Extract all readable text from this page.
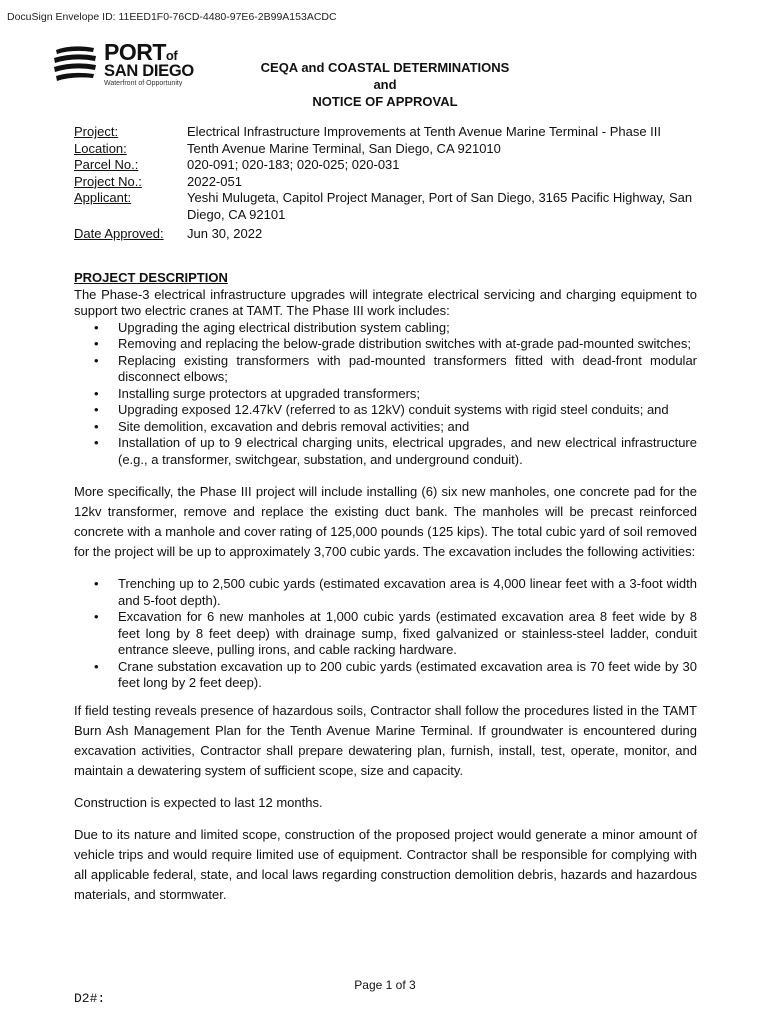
DocuSign Envelope ID: 11EED1F0-76CD-4480-97E6-2B99A153ACDC
PORTof
SAN DIEGO
Waterfront of Opportunity
CEQA and COASTAL DETERMINATIONS
and
NOTICE OF APPROVAL
Project:	Electrical Infrastructure Improvements at Tenth Avenue Marine Terminal - Phase III
Location:	Tenth Avenue Marine Terminal, San Diego, CA 921010
Parcel No.:	020-091; 020-183; 020-025; 020-031
Project No.:	2022-051
Applicant:	Yeshi Mulugeta, Capitol Project Manager, Port of San Diego, 3165 Pacific Highway, San Diego, CA 92101
Date Approved:	Jun 30, 2022
PROJECT DESCRIPTION

The Phase-3 electrical infrastructure upgrades will integrate electrical servicing and charging equipment to support two electric cranes at TAMT. The Phase III work includes:

• Upgrading the aging electrical distribution system cabling;
• Removing and replacing the below-grade distribution switches with at-grade pad-mounted switches;
• Replacing existing transformers with pad-mounted transformers fitted with dead-front modular disconnect elbows;
• Installing surge protectors at upgraded transformers;
• Upgrading exposed 12.47kV (referred to as 12kV) conduit systems with rigid steel conduits; and
• Site demolition, excavation and debris removal activities; and
• Installation of up to 9 electrical charging units, electrical upgrades, and new electrical infrastructure (e.g., a transformer, switchgear, substation, and underground conduit).

More specifically, the Phase III project will include installing (6) six new manholes, one concrete pad for the 12kv transformer, remove and replace the existing duct bank. The manholes will be precast reinforced concrete with a manhole and cover rating of 125,000 pounds (125 kips). The total cubic yard of soil removed for the project will be up to approximately 3,700 cubic yards. The excavation includes the following activities:

• Trenching up to 2,500 cubic yards (estimated excavation area is 4,000 linear feet with a 3-foot width and 5-foot depth).
• Excavation for 6 new manholes at 1,000 cubic yards (estimated excavation area 8 feet wide by 8 feet long by 8 feet deep) with drainage sump, fixed galvanized or stainless-steel ladder, conduit entrance sleeve, pulling irons, and cable racking hardware.
• Crane substation excavation up to 200 cubic yards (estimated excavation area is 70 feet wide by 30 feet long by 2 feet deep).

If field testing reveals presence of hazardous soils, Contractor shall follow the procedures listed in the TAMT Burn Ash Management Plan for the Tenth Avenue Marine Terminal. If groundwater is encountered during excavation activities, Contractor shall prepare dewatering plan, furnish, install, test, operate, monitor, and maintain a dewatering system of sufficient scope, size and capacity.

Construction is expected to last 12 months.

Due to its nature and limited scope, construction of the proposed project would generate a minor amount of vehicle trips and would require limited use of equipment. Contractor shall be responsible for complying with all applicable federal, state, and local laws regarding construction demolition debris, hazards and hazardous materials, and stormwater.

Page 1 of 3
D2#:
